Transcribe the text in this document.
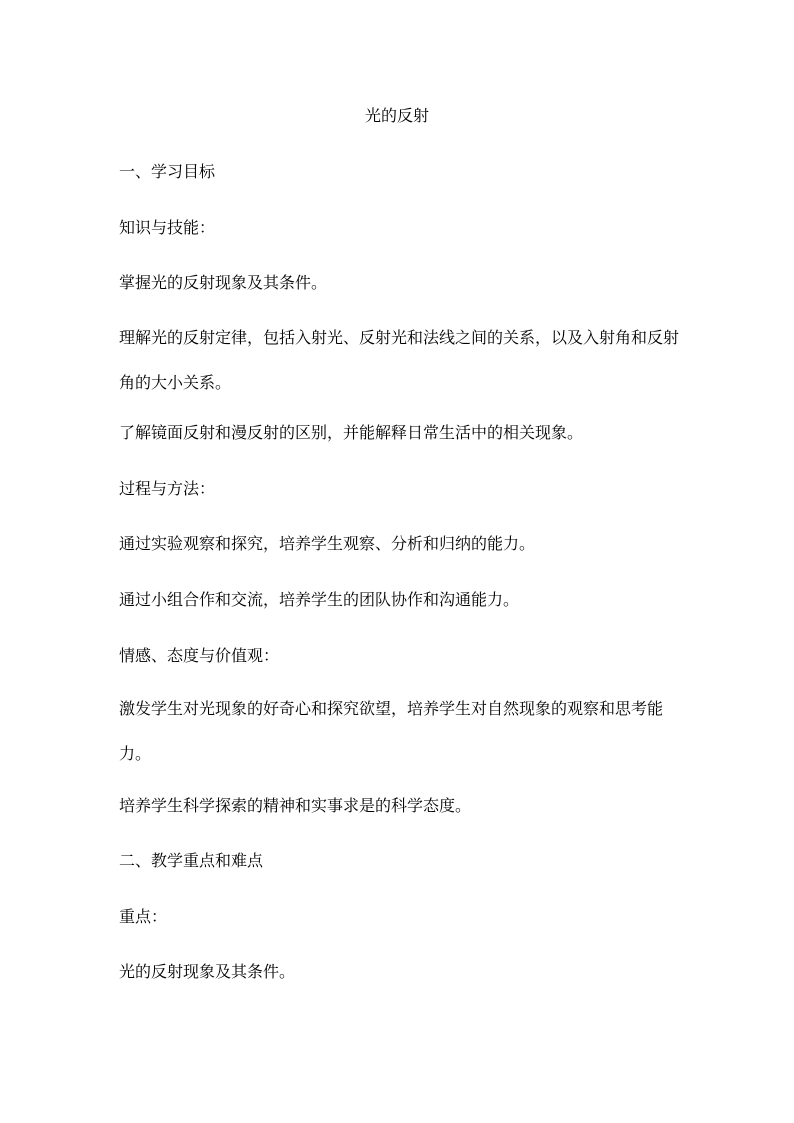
光的反射
一、学习目标
知识与技能：
掌握光的反射现象及其条件。
理解光的反射定律，包括入射光、反射光和法线之间的关系，以及入射角和反射角的大小关系。
了解镜面反射和漫反射的区别，并能解释日常生活中的相关现象。
过程与方法：
通过实验观察和探究，培养学生观察、分析和归纳的能力。
通过小组合作和交流，培养学生的团队协作和沟通能力。
情感、态度与价值观：
激发学生对光现象的好奇心和探究欲望，培养学生对自然现象的观察和思考能力。
培养学生科学探索的精神和实事求是的科学态度。
二、教学重点和难点
重点：
光的反射现象及其条件。
